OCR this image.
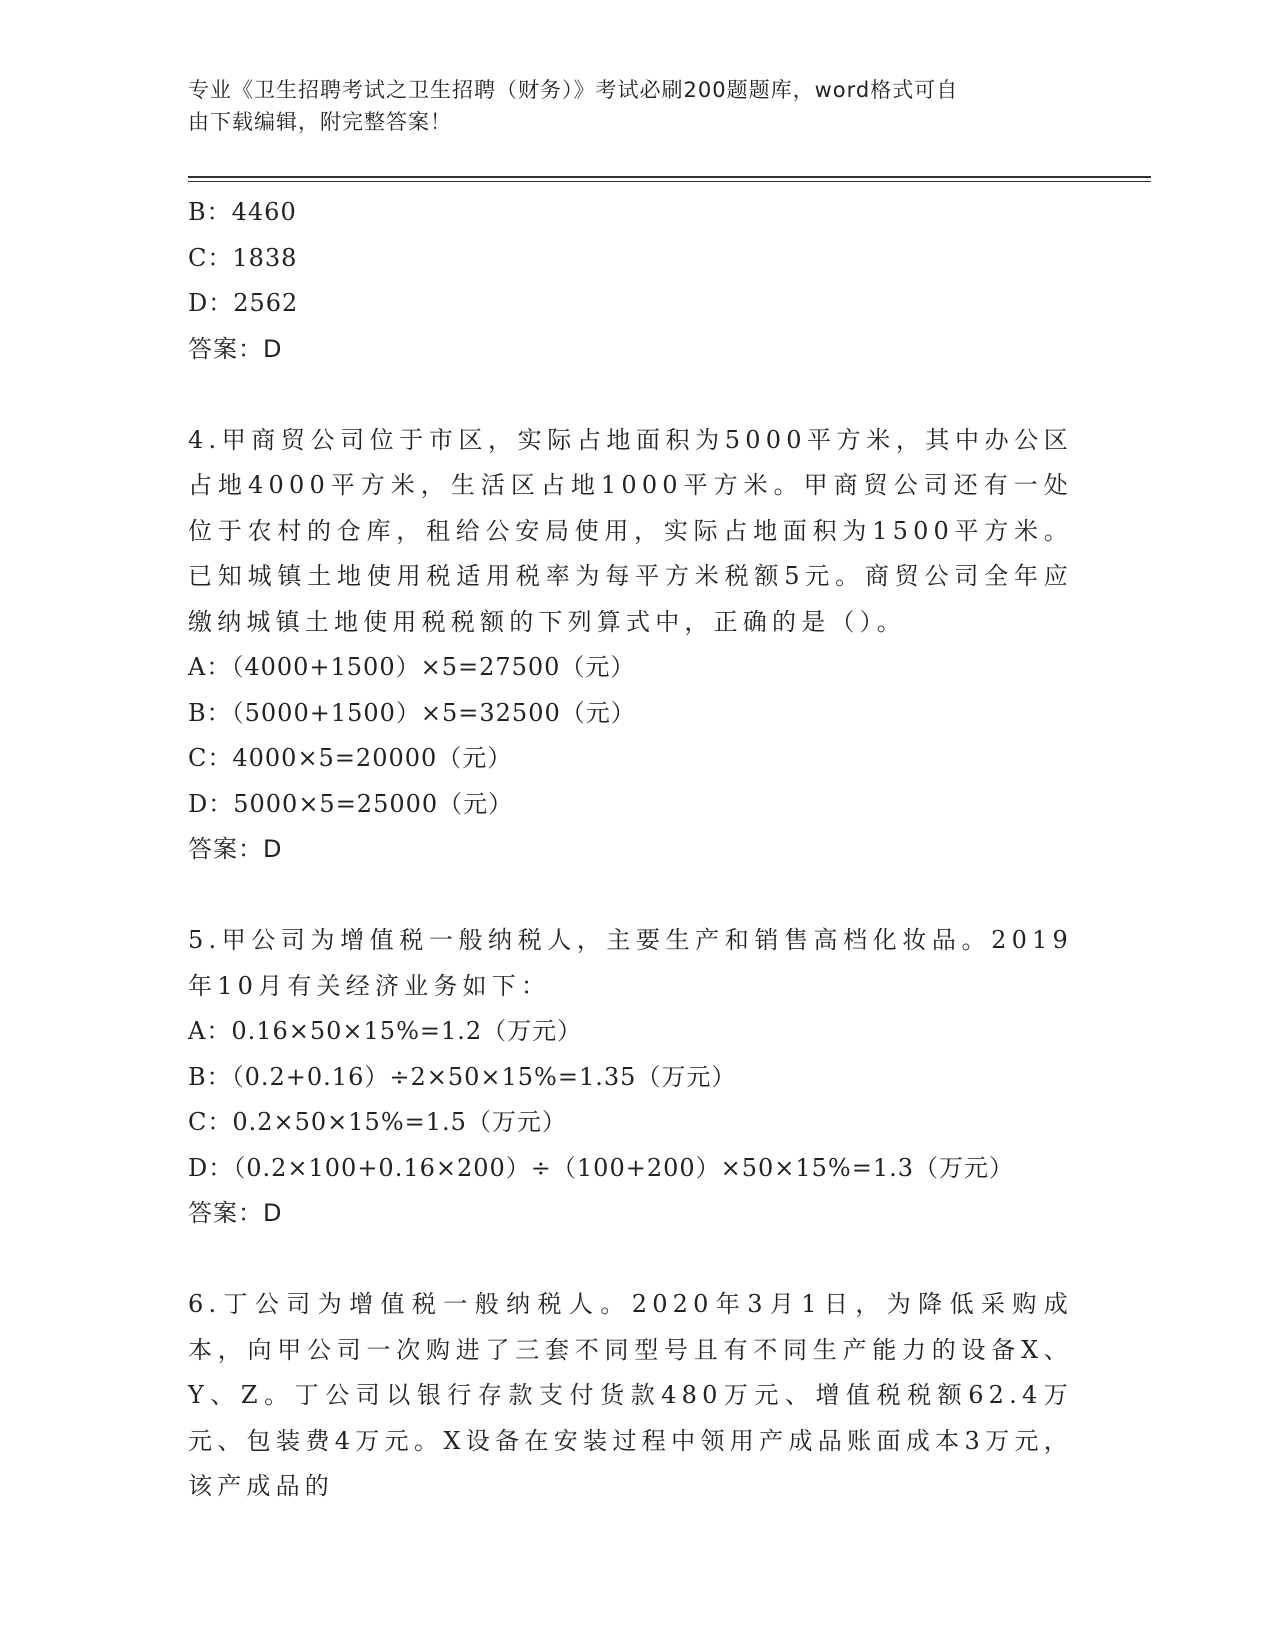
专业《卫生招聘考试之卫生招聘（财务）》考试必刷200题题库，word格式可自
由下载编辑，附完整答案！
B：4460
C：1838
D：2562
答案：D
4.甲商贸公司位于市区，实际占地面积为5000平方米，其中办公区占地4000平方米，生活区占地1000平方米。甲商贸公司还有一处位于农村的仓库，租给公安局使用，实际占地面积为1500平方米。已知城镇土地使用税适用税率为每平方米税额5元。商贸公司全年应缴纳城镇土地使用税税额的下列算式中，正确的是（）。
A：（4000+1500）×5=27500（元）
B：（5000+1500）×5=32500（元）
C：4000×5=20000（元）
D：5000×5=25000（元）
答案：D
5.甲公司为增值税一般纳税人，主要生产和销售高档化妆品。2019年10月有关经济业务如下：
A：0.16×50×15%=1.2（万元）
B：（0.2+0.16）÷2×50×15%=1.35（万元）
C：0.2×50×15%=1.5（万元）
D：（0.2×100+0.16×200）÷（100+200）×50×15%=1.3（万元）
答案：D
6.丁公司为增值税一般纳税人。2020年3月1日，为降低采购成本，向甲公司一次购进了三套不同型号且有不同生产能力的设备X、Y、Z。丁公司以银行存款支付货款480万元、增值税税额62.4万元、包装费4万元。X设备在安装过程中领用产成品账面成本3万元，该产成品的
